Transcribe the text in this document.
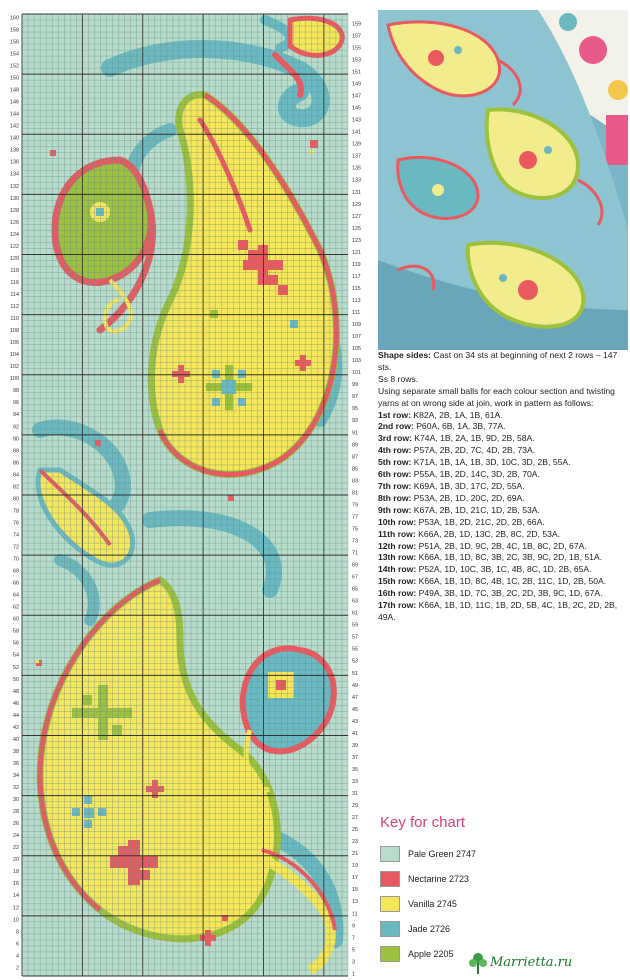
160
158
156
154
152
150
148
146
144
142
140
138
136
134
132
130
128
126
124
122
120
118
116
114
112
110
108
106
104
102
100
98
96
94
92
90
88
86
84
82
80
78
76
74
72
70
68
66
64
62
60
58
56
54
52
50
48
46
44
42
40
38
36
34
32
30
28
26
24
22
20
18
16
14
12
10
8
6
4
2
159
157
155
153
151
149
147
145
143
141
139
137
135
133
131
129
127
125
123
121
119
117
115
113
111
109
107
105
103
101
99
97
95
93
91
89
87
85
83
81
79
77
75
73
71
69
67
65
63
61
59
57
55
53
51
49
47
45
43
41
39
37
35
33
31
29
27
25
23
21
19
17
15
13
11
9
7
5
3
1

Shape sides: Cast on 34 sts at beginning of next 2 rows – 147 sts.

Ss 8 rows.

Using separate small balls for each colour section and twisting yarns at on wrong side at join, work in pattern as follows:

1st row: K82A, 2B, 1A, 1B, 61A.

2nd row: P60A, 6B, 1A, 3B, 77A.

3rd row: K74A, 1B, 2A, 1B, 9D, 2B, 58A.

4th row: P57A, 2B, 2D, 7C, 4D, 2B, 73A.

5th row: K71A, 1B, 1A, 1B, 3D, 10C, 3D, 2B, 55A.

6th row: P55A, 1B, 2D, 14C, 3D, 2B, 70A.

7th row: K69A, 1B, 3D, 17C, 2D, 55A.

8th row: P53A, 2B, 1D, 20C, 2D, 69A.

9th row: K67A, 2B, 1D, 21C, 1D, 2B, 53A.

10th row: P53A, 1B, 2D, 21C, 2D, 2B, 66A.

11th row: K66A, 2B, 1D, 13C, 2B, 8C, 2D, 53A.

12th row: P51A, 2B, 1D, 9C, 2B, 4C, 1B, 8C, 2D, 67A.

13th row: K66A, 1B, 1D, 8C, 3B, 2C, 3B, 9C, 2D, 1B, 51A.

14th row: P52A, 1D, 10C, 3B, 1C, 4B, 8C, 1D, 2B, 65A.

15th row: K66A, 1B, 1D, 8C, 4B, 1C, 2B, 11C, 1D, 2B, 50A.

16th row: P49A, 3B, 1D, 7C, 3B, 2C, 2D, 3B, 9C, 1D, 67A.

17th row: K66A, 1B, 1D, 11C, 1B, 2D, 5B, 4C, 1B, 2C, 2D, 2B, 49A.

Key for chart
Pale Green 2747
Nectarine 2723
Vanilla 2745
Jade 2726
Apple 2205
Marrietta.ru
